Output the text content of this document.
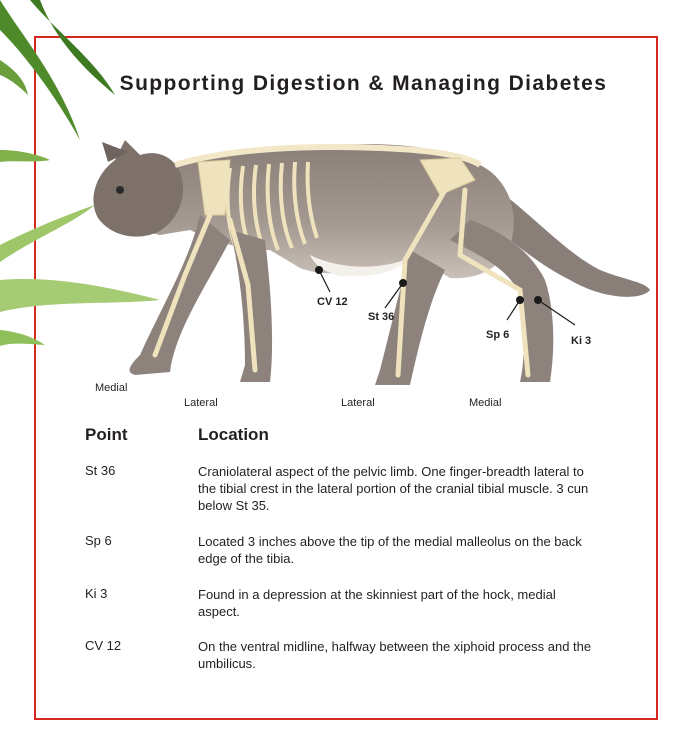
Supporting Digestion & Managing Diabetes
CV 12
St 36
Sp 6	Ki 3
Medial
Lateral	Lateral	Medial
Point	Location
St 36	Craniolateral aspect of the pelvic limb. One finger-breadth lateral to the tibial crest in the lateral portion of the cranial tibial muscle. 3 cun below St 35.
Sp 6	Located 3 inches above the tip of the medial malleolus on the back edge of the tibia.
Ki 3	Found in a depression at the skinniest part of the hock, medial aspect.
CV 12	On the ventral midline, halfway between the xiphoid process and the umbilicus.
